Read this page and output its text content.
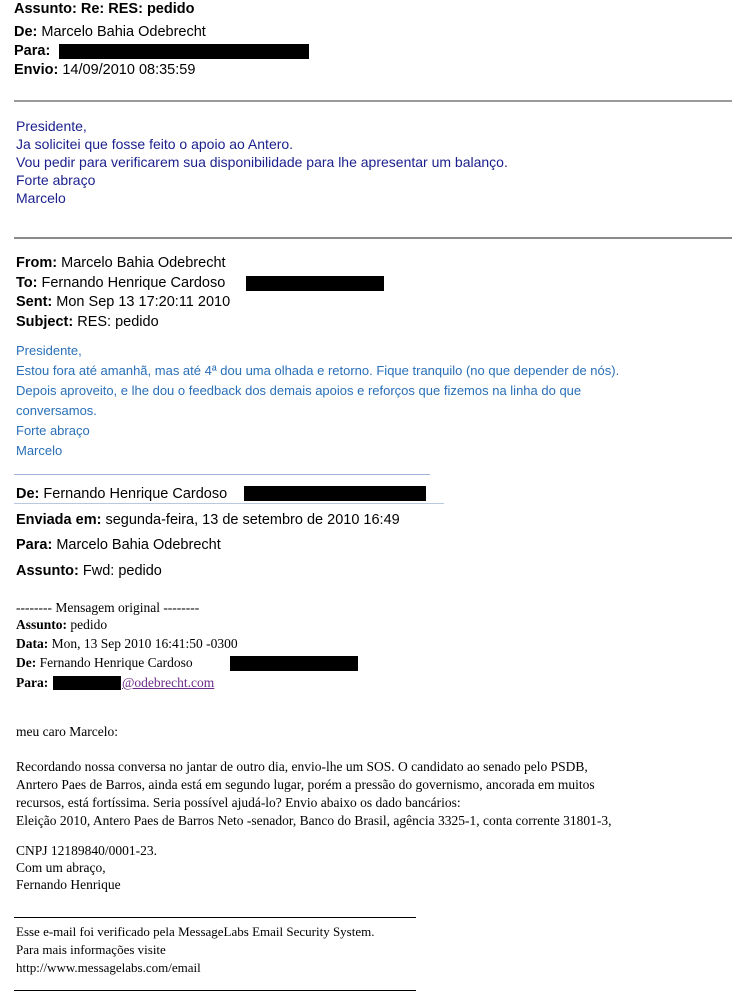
Assunto: Re: RES: pedido
De: Marcelo Bahia Odebrecht
Para:
Envio: 14/09/2010 08:35:59
Presidente,
Ja solicitei que fosse feito o apoio ao Antero.
Vou pedir para verificarem sua disponibilidade para lhe apresentar um balanço.
Forte abraço
Marcelo
From: Marcelo Bahia Odebrecht
To: Fernando Henrique Cardoso
Sent: Mon Sep 13 17:20:11 2010
Subject: RES: pedido
Presidente,
Estou fora até amanhã, mas até 4ª dou uma olhada e retorno. Fique tranquilo (no que depender de nós).
Depois aproveito, e lhe dou o feedback dos demais apoios e reforços que fizemos na linha do que
conversamos.
Forte abraço
Marcelo
De: Fernando Henrique Cardoso
Enviada em: segunda-feira, 13 de setembro de 2010 16:49
Para: Marcelo Bahia Odebrecht
Assunto: Fwd: pedido
-------- Mensagem original --------
Assunto: pedido
Data: Mon, 13 Sep 2010 16:41:50 -0300
De: Fernando Henrique Cardoso
Para:	@odebrecht.com
meu caro Marcelo:
Recordando nossa conversa no jantar de outro dia, envio-lhe um SOS. O candidato ao senado pelo PSDB,
Anrtero Paes de Barros, ainda está em segundo lugar, porém a pressão do governismo, ancorada em muitos
recursos, está fortíssima. Seria possível ajudá-lo? Envio abaixo os dado bancários:
Eleição 2010, Antero Paes de Barros Neto -senador, Banco do Brasil, agência 3325-1, conta corrente 31801-3,
CNPJ 12189840/0001-23.
Com um abraço,
Fernando Henrique
Esse e-mail foi verificado pela MessageLabs Email Security System.
Para mais informações visite
http://www.messagelabs.com/email
